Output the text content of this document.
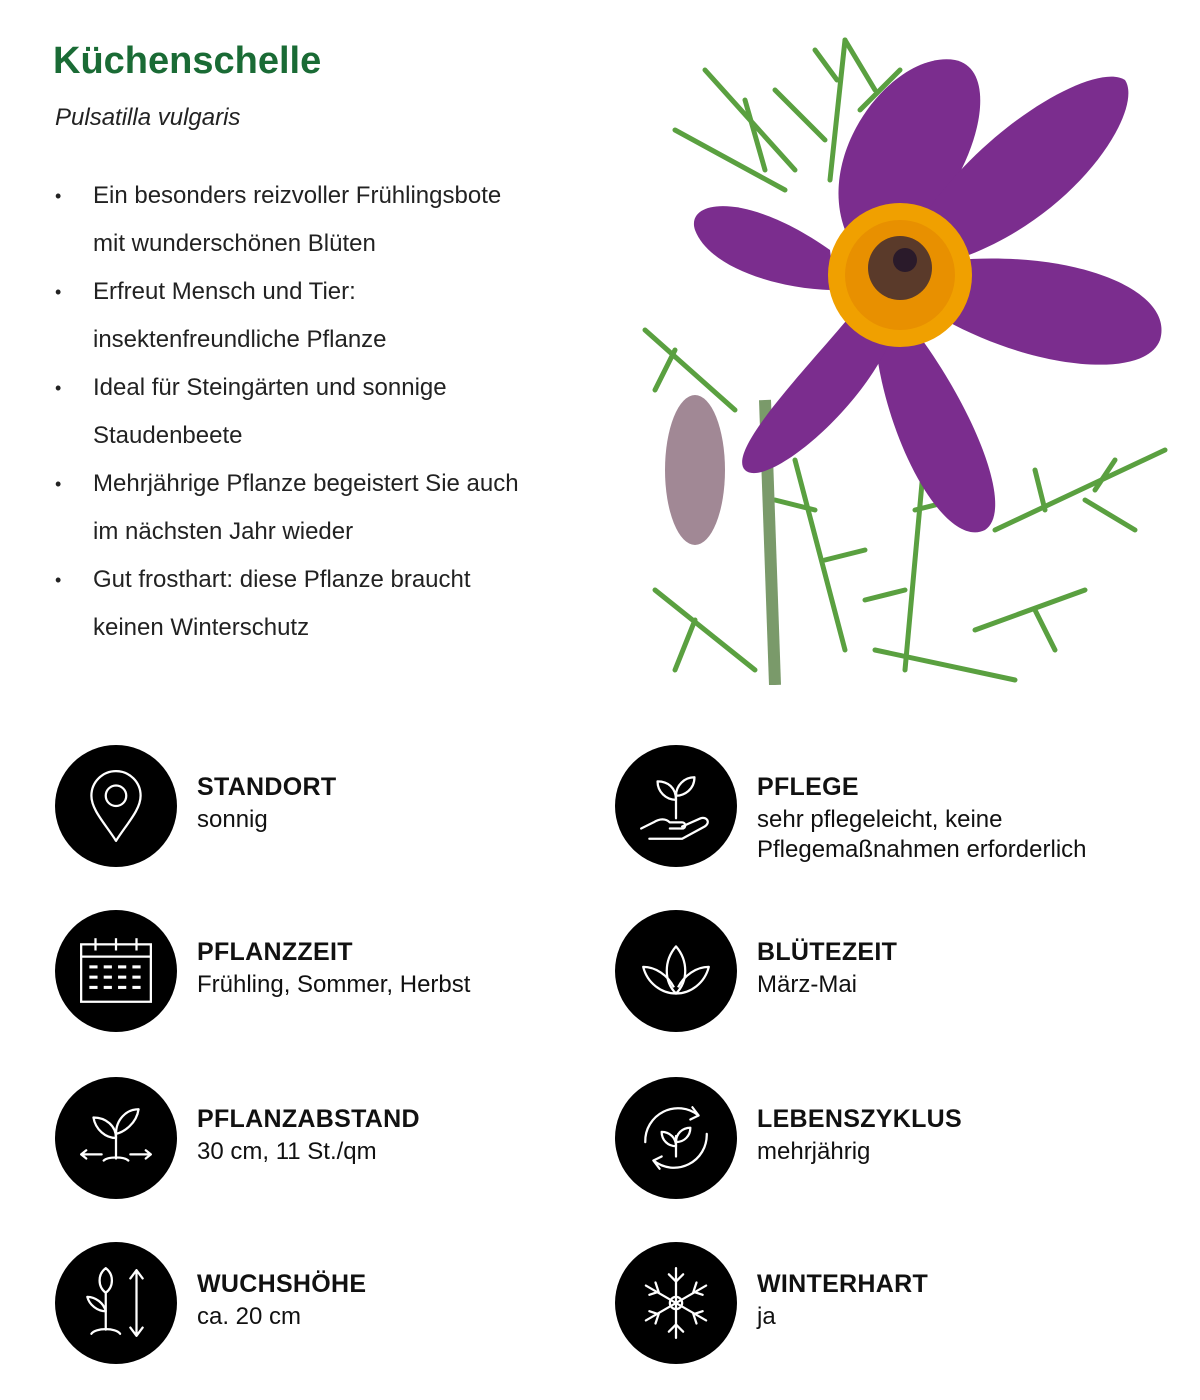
Küchenschelle
Pulsatilla vulgaris
• Ein besonders reizvoller Frühlingsbote
mit wunderschönen Blüten
• Erfreut Mensch und Tier:
insektenfreundliche Pflanze
• Ideal für Steingärten und sonnige
Staudenbeete
• Mehrjährige Pflanze begeistert Sie auch
im nächsten Jahr wieder
• Gut frosthart: diese Pflanze braucht
keinen Winterschutz
STANDORT
sonnig
PFLEGE
sehr pflegeleicht, keine Pflegemaßnahmen erforderlich
PFLANZZEIT
Frühling, Sommer, Herbst
BLÜTEZEIT
März-Mai
PFLANZABSTAND
30 cm, 11 St./qm
LEBENSZYKLUS
mehrjährig
WUCHSHÖHE
ca. 20 cm
WINTERHART
ja
